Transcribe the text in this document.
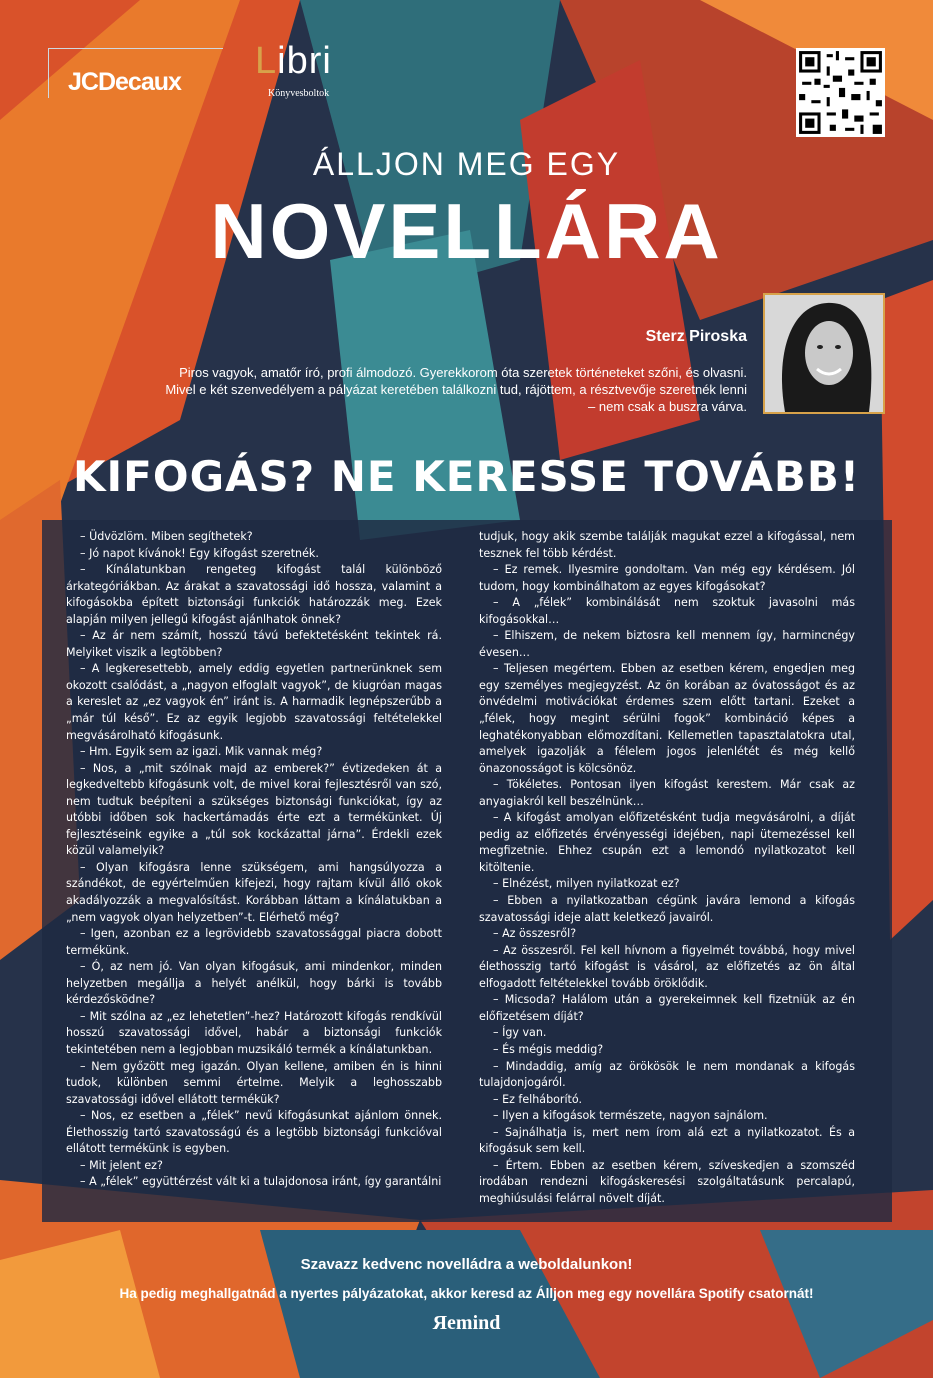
JCDecaux Libri
Könyvesboltok
ÁLLJON MEG EGY
NOVELLÁRA
Sterz Piroska
Piros vagyok, amatőr író, profi álmodozó. Gyerekkorom óta szeretek történeteket szőni, és olvasni. Mivel e két szenvedélyem a pályázat keretében találkozni tud, rájöttem, a résztvevője szeretnék lenni – nem csak a buszra várva.
KIFOGÁS? NE KERESSE TOVÁBB!

– Üdvözlöm. Miben segíthetek?

– Jó napot kívánok! Egy kifogást szeretnék.

– Kínálatunkban rengeteg kifogást talál különböző árkategóriákban. Az árakat a szavatossági idő hossza, valamint a kifogásokba épített biztonsági funkciók határozzák meg. Ezek alapján milyen jellegű kifogást ajánlhatok önnek?

– Az ár nem számít, hosszú távú befektetésként tekintek rá. Melyiket viszik a legtöbben?

– A legkeresettebb, amely eddig egyetlen partnerünknek sem okozott csalódást, a „nagyon elfoglalt vagyok”, de kiugróan magas a kereslet az „ez vagyok én” iránt is. A harmadik legnépszerűbb a „már túl késő”. Ez az egyik legjobb szavatossági feltételekkel megvásárolható kifogásunk.

– Hm. Egyik sem az igazi. Mik vannak még?

– Nos, a „mit szólnak majd az emberek?” évtizedeken át a legkedveltebb kifogásunk volt, de mivel korai fejlesztésről van szó, nem tudtuk beépíteni a szükséges biztonsági funkciókat, így az utóbbi időben sok hackertámadás érte ezt a termékünket. Új fejlesztéseink egyike a „túl sok kockázattal járna”. Érdekli ezek közül valamelyik?

– Olyan kifogásra lenne szükségem, ami hangsúlyozza a szándékot, de egyértelműen kifejezi, hogy rajtam kívül álló okok akadályozzák a megvalósítást. Korábban láttam a kínálatukban a „nem vagyok olyan helyzetben”-t. Elérhető még?

– Igen, azonban ez a legrövidebb szavatossággal piacra dobott termékünk.

– Ó, az nem jó. Van olyan kifogásuk, ami mindenkor, minden helyzetben megállja a helyét anélkül, hogy bárki is tovább kérdezősködne?

– Mit szólna az „ez lehetetlen”-hez? Határozott kifogás rendkívül hosszú szavatossági idővel, habár a biztonsági funkciók tekintetében nem a legjobban muzsikáló termék a kínálatunkban.

– Nem győzött meg igazán. Olyan kellene, amiben én is hinni tudok, különben semmi értelme. Melyik a leghosszabb szavatossági idővel ellátott termékük?

– Nos, ez esetben a „félek” nevű kifogásunkat ajánlom önnek. Élethosszig tartó szavatosságú és a legtöbb biztonsági funkcióval ellátott termékünk is egyben.

– Mit jelent ez?

– A „félek” együttérzést vált ki a tulajdonosa iránt, így garantálni

tudjuk, hogy akik szembe találják magukat ezzel a kifogással, nem tesznek fel több kérdést.

– Ez remek. Ilyesmire gondoltam. Van még egy kérdésem. Jól tudom, hogy kombinálhatom az egyes kifogásokat?

– A „félek” kombinálását nem szoktuk javasolni más kifogásokkal…

– Elhiszem, de nekem biztosra kell mennem így, harmincnégy évesen…

– Teljesen megértem. Ebben az esetben kérem, engedjen meg egy személyes megjegyzést. Az ön korában az óvatosságot és az önvédelmi motivációkat érdemes szem előtt tartani. Ezeket a „félek, hogy megint sérülni fogok” kombináció képes a leghatékonyabban előmozdítani. Kellemetlen tapasztalatokra utal, amelyek igazolják a félelem jogos jelenlétét és még kellő önazonosságot is kölcsönöz.

– Tökéletes. Pontosan ilyen kifogást kerestem. Már csak az anyagiakról kell beszélnünk…

– A kifogást amolyan előfizetésként tudja megvásárolni, a díját pedig az előfizetés érvényességi idejében, napi ütemezéssel kell megfizetnie. Ehhez csupán ezt a lemondó nyilatkozatot kell kitöltenie.

– Elnézést, milyen nyilatkozat ez?

– Ebben a nyilatkozatban cégünk javára lemond a kifogás szavatossági ideje alatt keletkező javairól.

– Az összesről?

– Az összesről. Fel kell hívnom a figyelmét továbbá, hogy mivel élethosszig tartó kifogást is vásárol, az előfizetés az ön által elfogadott feltételekkel tovább öröklődik.

– Micsoda? Halálom után a gyerekeimnek kell fizetniük az én előfizetésem díját?

– Így van.

– És mégis meddig?

– Mindaddig, amíg az örökösök le nem mondanak a kifogás tulajdonjogáról.

– Ez felháborító.

– Ilyen a kifogások természete, nagyon sajnálom.

– Sajnálhatja is, mert nem írom alá ezt a nyilatkozatot. És a kifogásuk sem kell.

– Értem. Ebben az esetben kérem, szíveskedjen a szomszéd irodában rendezni kifogáskeresési szolgáltatásunk percalapú, meghiúsulási felárral növelt díját.

Szavazz kedvenc novelládra a weboldalunkon!
Ha pedig meghallgatnád a nyertes pályázatokat, akkor keresd az Álljon meg egy novellára Spotify csatornát!
Яemind
